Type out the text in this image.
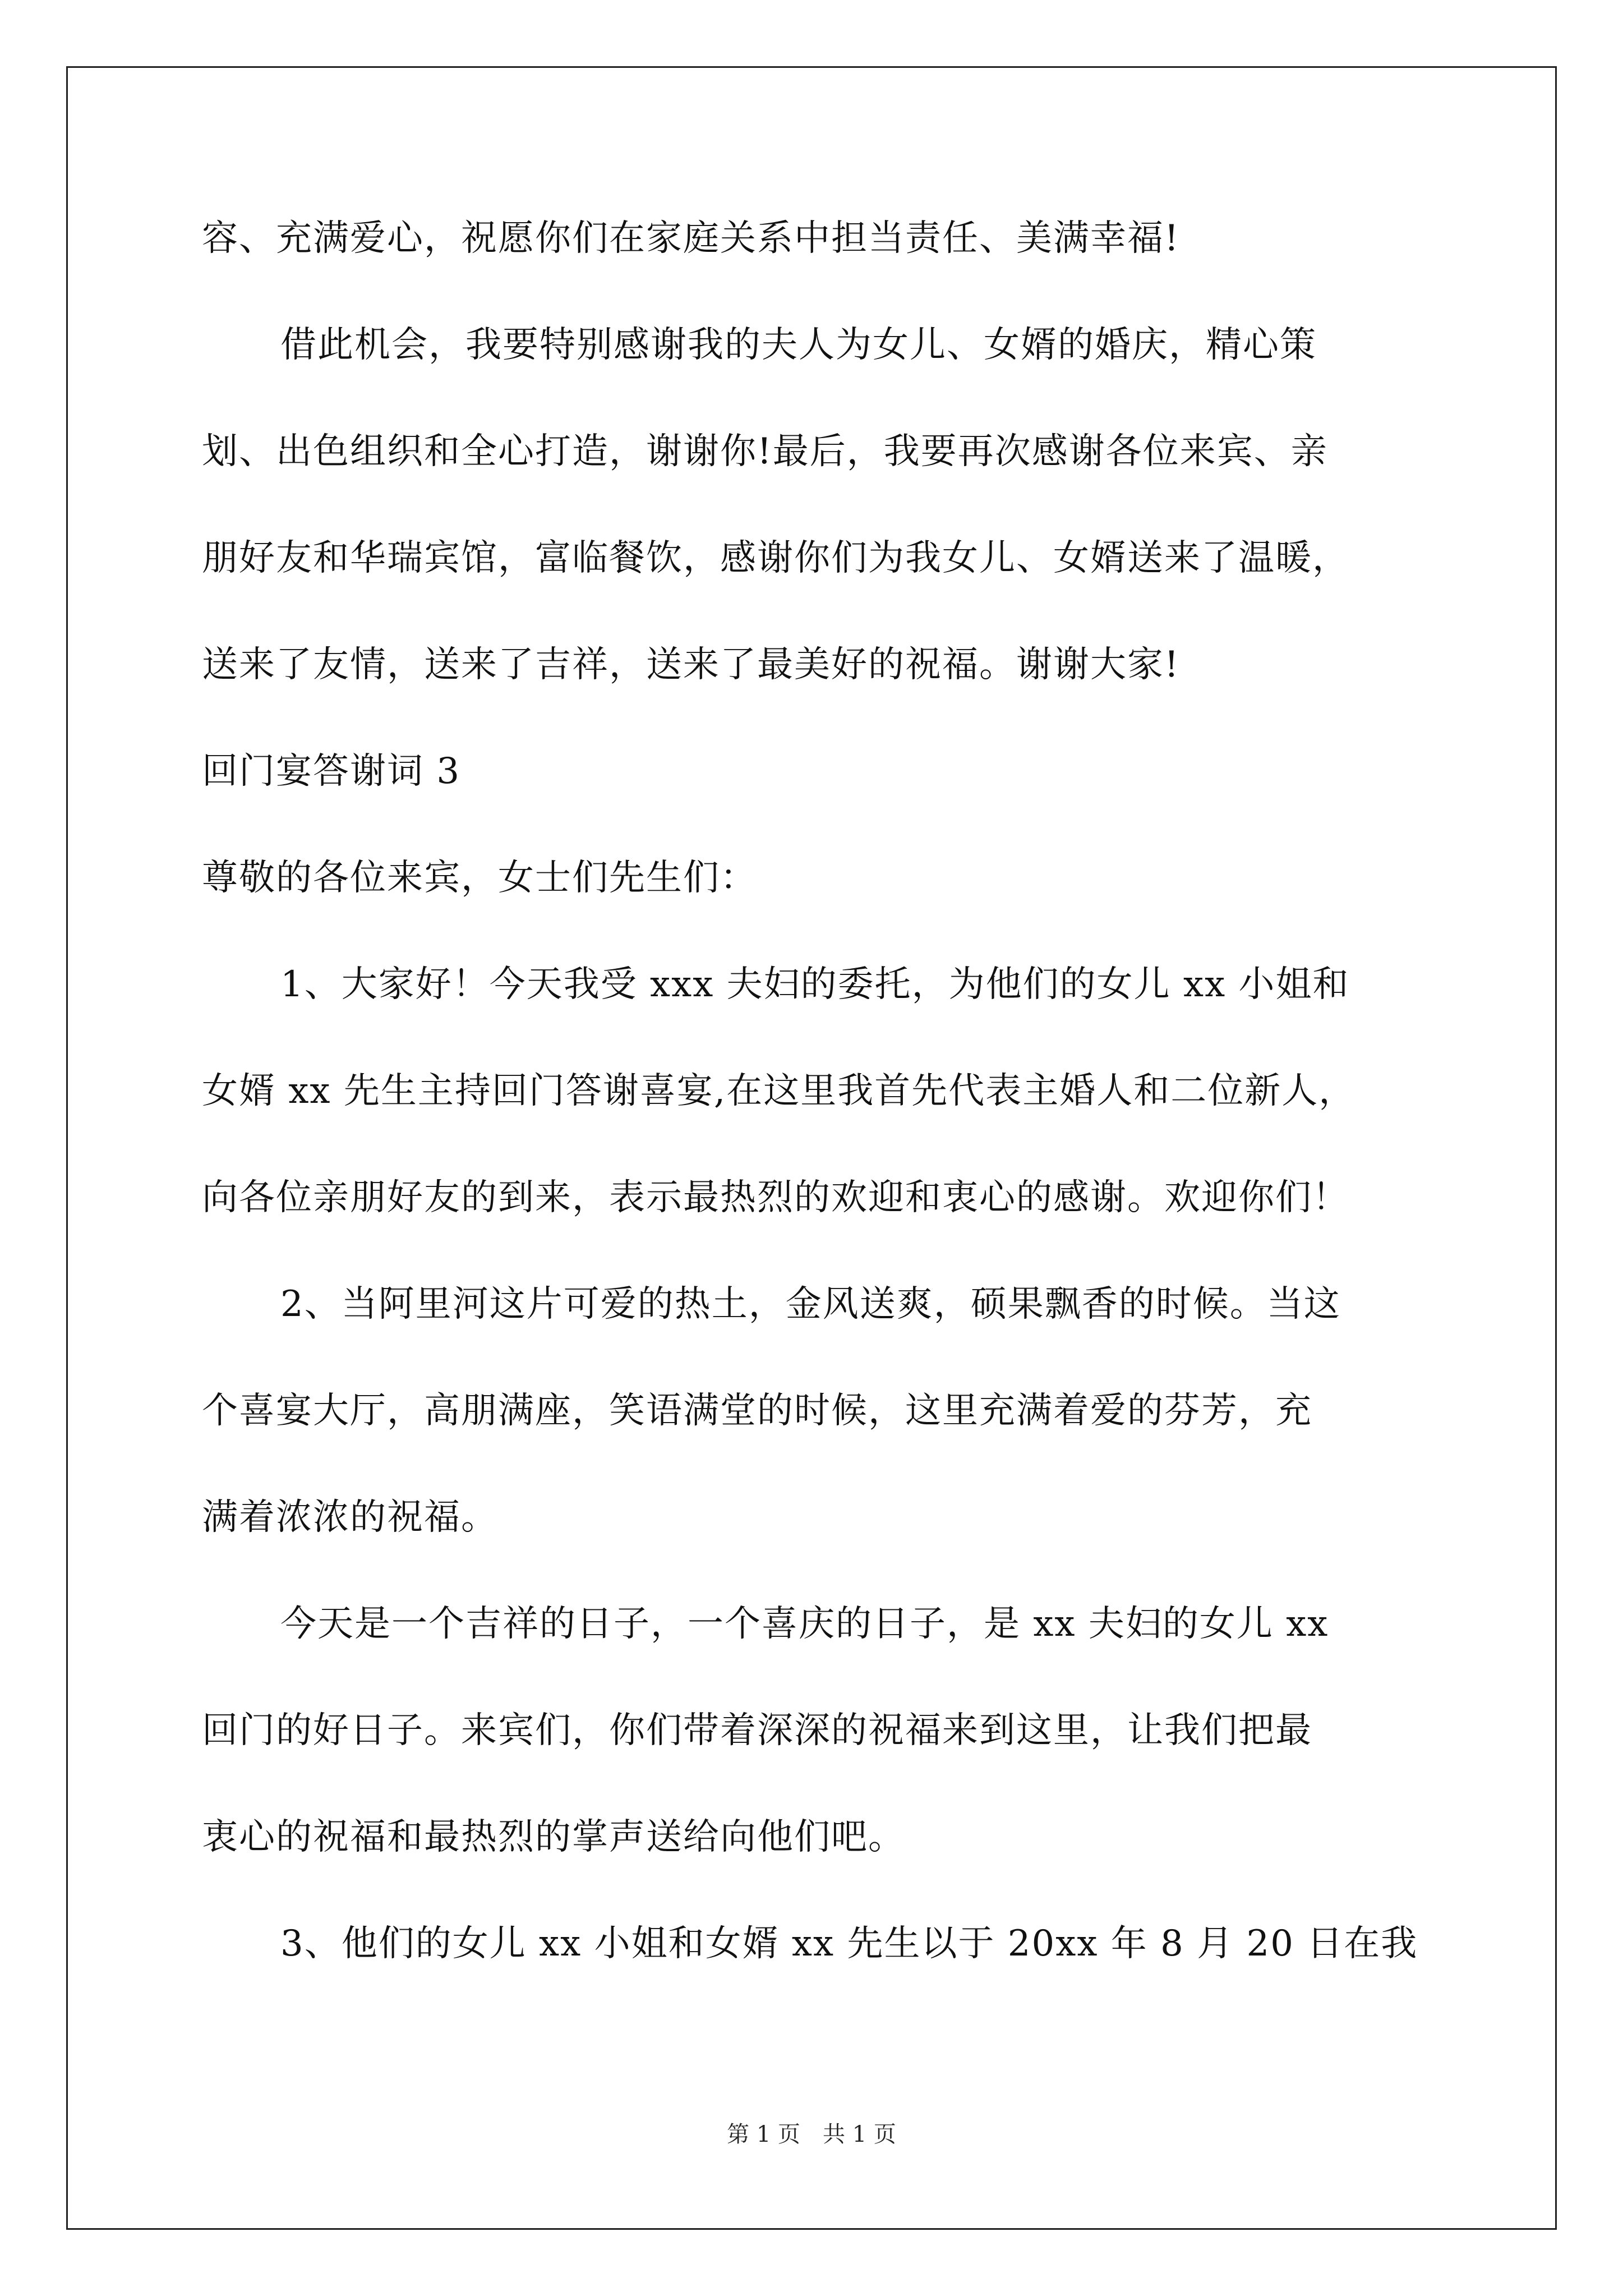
容、充满爱心，祝愿你们在家庭关系中担当责任、美满幸福!
借此机会，我要特别感谢我的夫人为女儿、女婿的婚庆，精心策
划、出色组织和全心打造，谢谢你!最后，我要再次感谢各位来宾、亲
朋好友和华瑞宾馆，富临餐饮，感谢你们为我女儿、女婿送来了温暖，
送来了友情，送来了吉祥，送来了最美好的祝福。谢谢大家!
回门宴答谢词 3
尊敬的各位来宾，女士们先生们：
1、大家好！今天我受 xxx 夫妇的委托，为他们的女儿 xx 小姐和
女婿 xx 先生主持回门答谢喜宴,在这里我首先代表主婚人和二位新人，
向各位亲朋好友的到来，表示最热烈的欢迎和衷心的感谢。欢迎你们！
2、当阿里河这片可爱的热土，金风送爽，硕果飘香的时候。当这
个喜宴大厅，高朋满座，笑语满堂的时候，这里充满着爱的芬芳，充
满着浓浓的祝福。
今天是一个吉祥的日子，一个喜庆的日子，是 xx 夫妇的女儿 xx
回门的好日子。来宾们，你们带着深深的祝福来到这里，让我们把最
衷心的祝福和最热烈的掌声送给向他们吧。
3、他们的女儿 xx 小姐和女婿 xx 先生以于 20xx 年 8 月 20 日在我
第 1 页　共 1 页
